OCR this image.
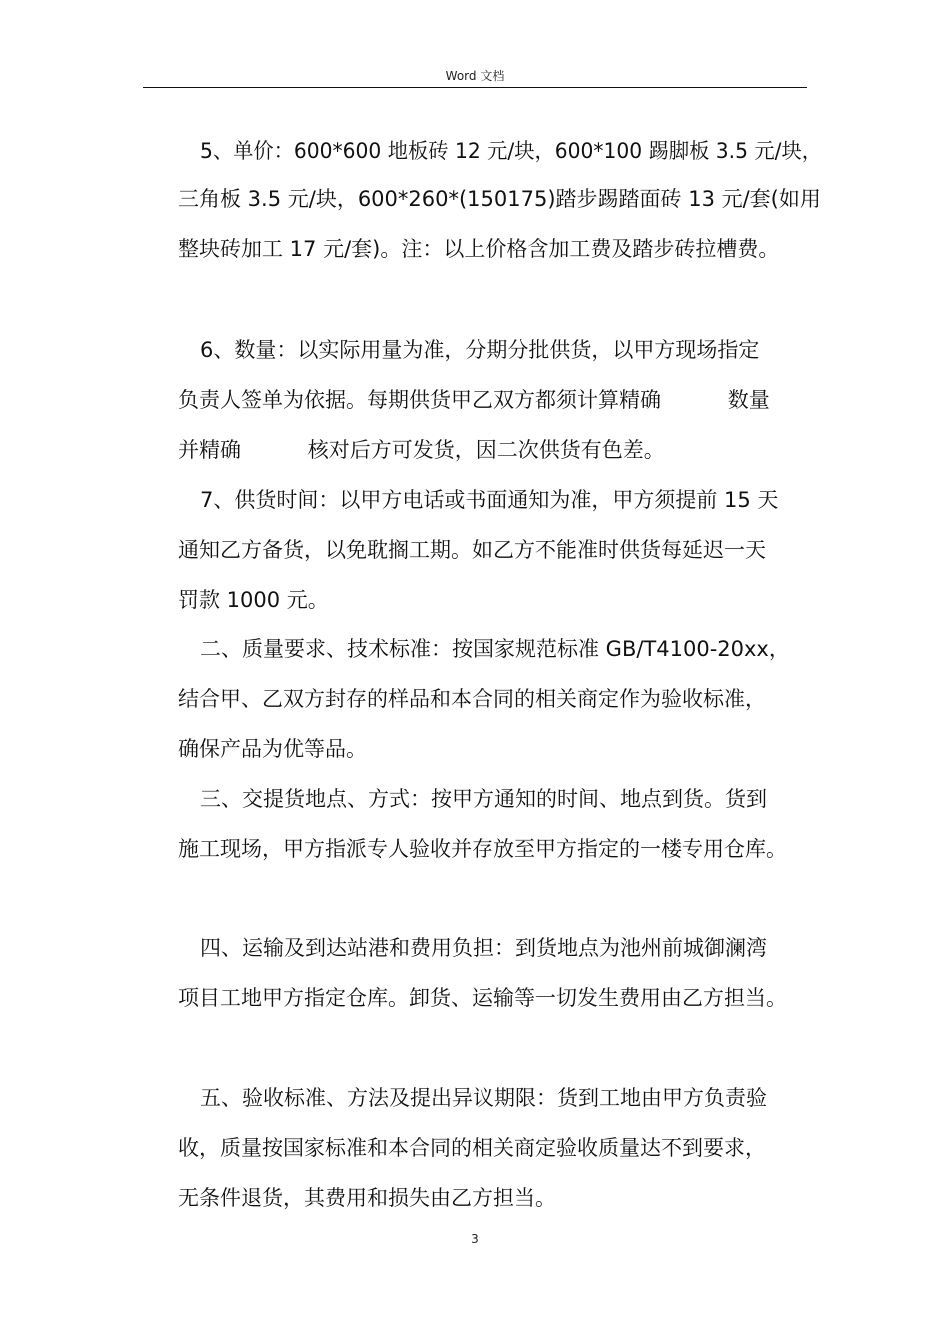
Word 文档
5、单价：600*600 地板砖 12 元/块，600*100 踢脚板 3.5 元/块，
三角板 3.5 元/块，600*260*(150175)踏步踢踏面砖 13 元/套(如用
整块砖加工 17 元/套)。注：以上价格含加工费及踏步砖拉槽费。
6、数量：以实际用量为准，分期分批供货，以甲方现场指定
负责人签单为依据。每期供货甲乙双方都须计算精确          数量
并精确          核对后方可发货，因二次供货有色差。
7、供货时间：以甲方电话或书面通知为准，甲方须提前 15 天
通知乙方备货，以免耽搁工期。如乙方不能准时供货每延迟一天
罚款 1000 元。
二、质量要求、技术标准：按国家规范标准 GB/T4100-20xx，
结合甲、乙双方封存的样品和本合同的相关商定作为验收标准，
确保产品为优等品。
三、交提货地点、方式：按甲方通知的时间、地点到货。货到
施工现场，甲方指派专人验收并存放至甲方指定的一楼专用仓库。
四、运输及到达站港和费用负担：到货地点为池州前城御澜湾
项目工地甲方指定仓库。卸货、运输等一切发生费用由乙方担当。
五、验收标准、方法及提出异议期限：货到工地由甲方负责验
收，质量按国家标准和本合同的相关商定验收质量达不到要求，
无条件退货，其费用和损失由乙方担当。
3
